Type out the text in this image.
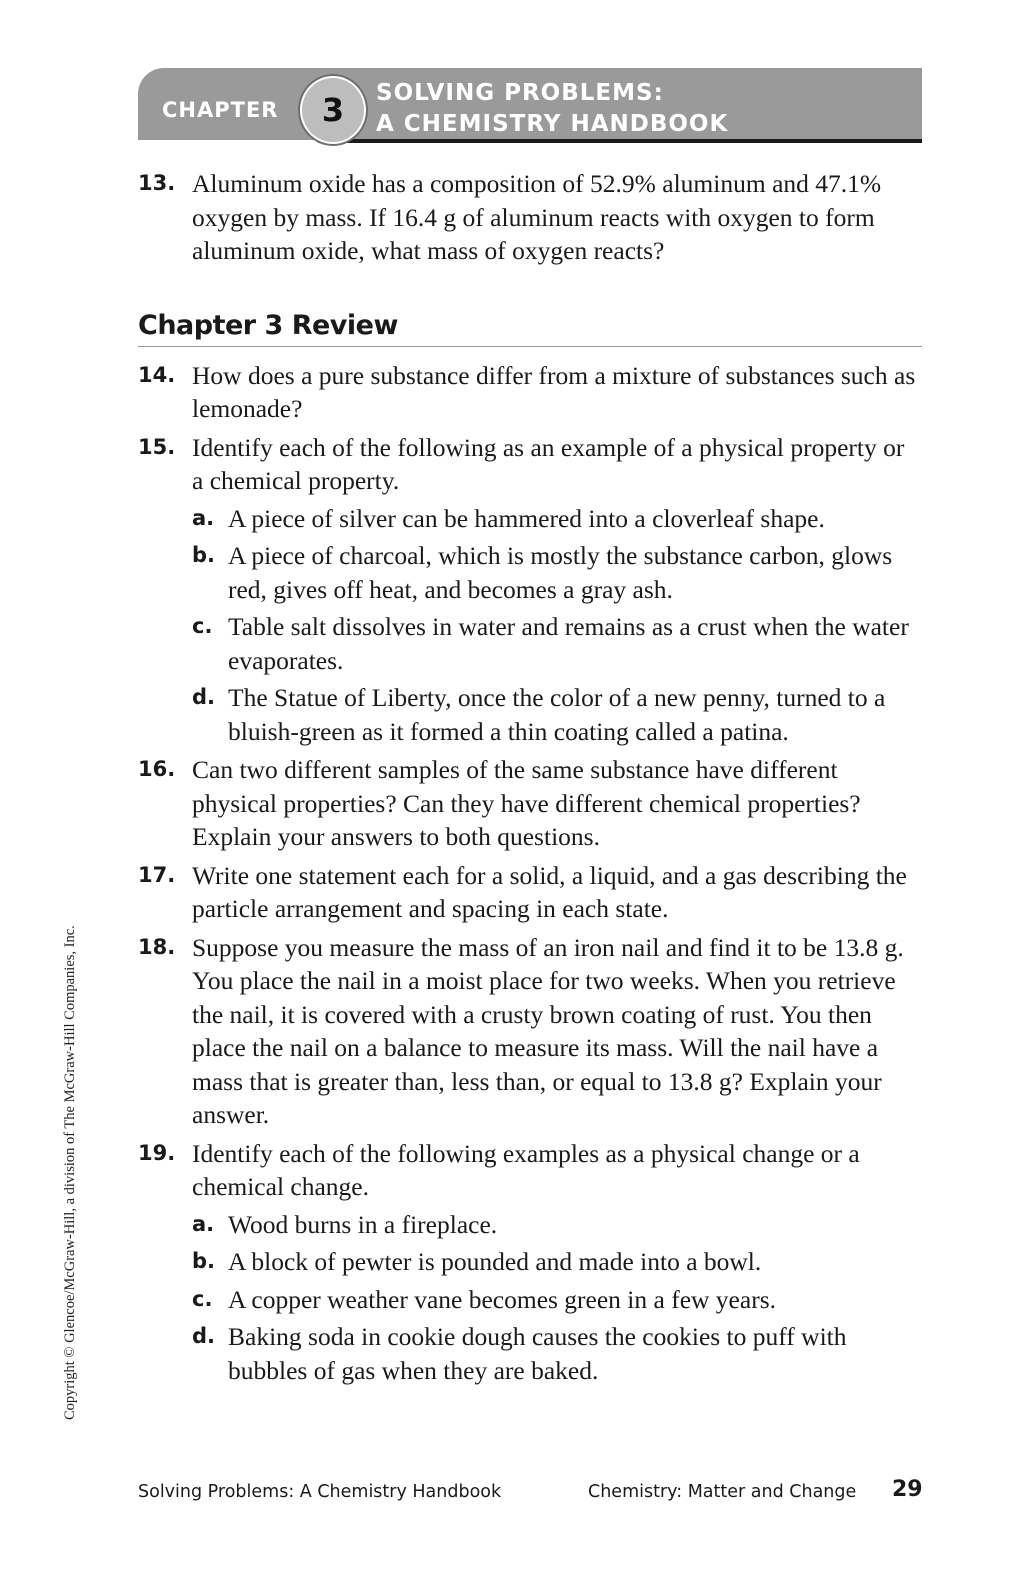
CHAPTER	3	SOLVING PROBLEMS:
A CHEMISTRY HANDBOOK
13. Aluminum oxide has a composition of 52.9% aluminum and 47.1% oxygen by mass. If 16.4 g of aluminum reacts with oxygen to form aluminum oxide, what mass of oxygen reacts?
Chapter 3 Review
14. How does a pure substance differ from a mixture of substances such as lemonade?
15. Identify each of the following as an example of a physical property or a chemical property.
a. A piece of silver can be hammered into a cloverleaf shape.
b. A piece of charcoal, which is mostly the substance carbon, glows red, gives off heat, and becomes a gray ash.
c. Table salt dissolves in water and remains as a crust when the water evaporates.
d. The Statue of Liberty, once the color of a new penny, turned to a bluish-green as it formed a thin coating called a patina.
16. Can two different samples of the same substance have different physical properties? Can they have different chemical properties? Explain your answers to both questions.
17. Write one statement each for a solid, a liquid, and a gas describing the particle arrangement and spacing in each state.
18. Suppose you measure the mass of an iron nail and find it to be 13.8 g. You place the nail in a moist place for two weeks. When you retrieve the nail, it is covered with a crusty brown coating of rust. You then place the nail on a balance to measure its mass. Will the nail have a mass that is greater than, less than, or equal to 13.8 g? Explain your answer.
19. Identify each of the following examples as a physical change or a chemical change.
a. Wood burns in a fireplace.
b. A block of pewter is pounded and made into a bowl.
c. A copper weather vane becomes green in a few years.
d. Baking soda in cookie dough causes the cookies to puff with bubbles of gas when they are baked.
Copyright © Glencoe/McGraw-Hill, a division of The McGraw-Hill Companies, Inc.
Solving Problems: A Chemistry Handbook	Chemistry: Matter and Change 29
